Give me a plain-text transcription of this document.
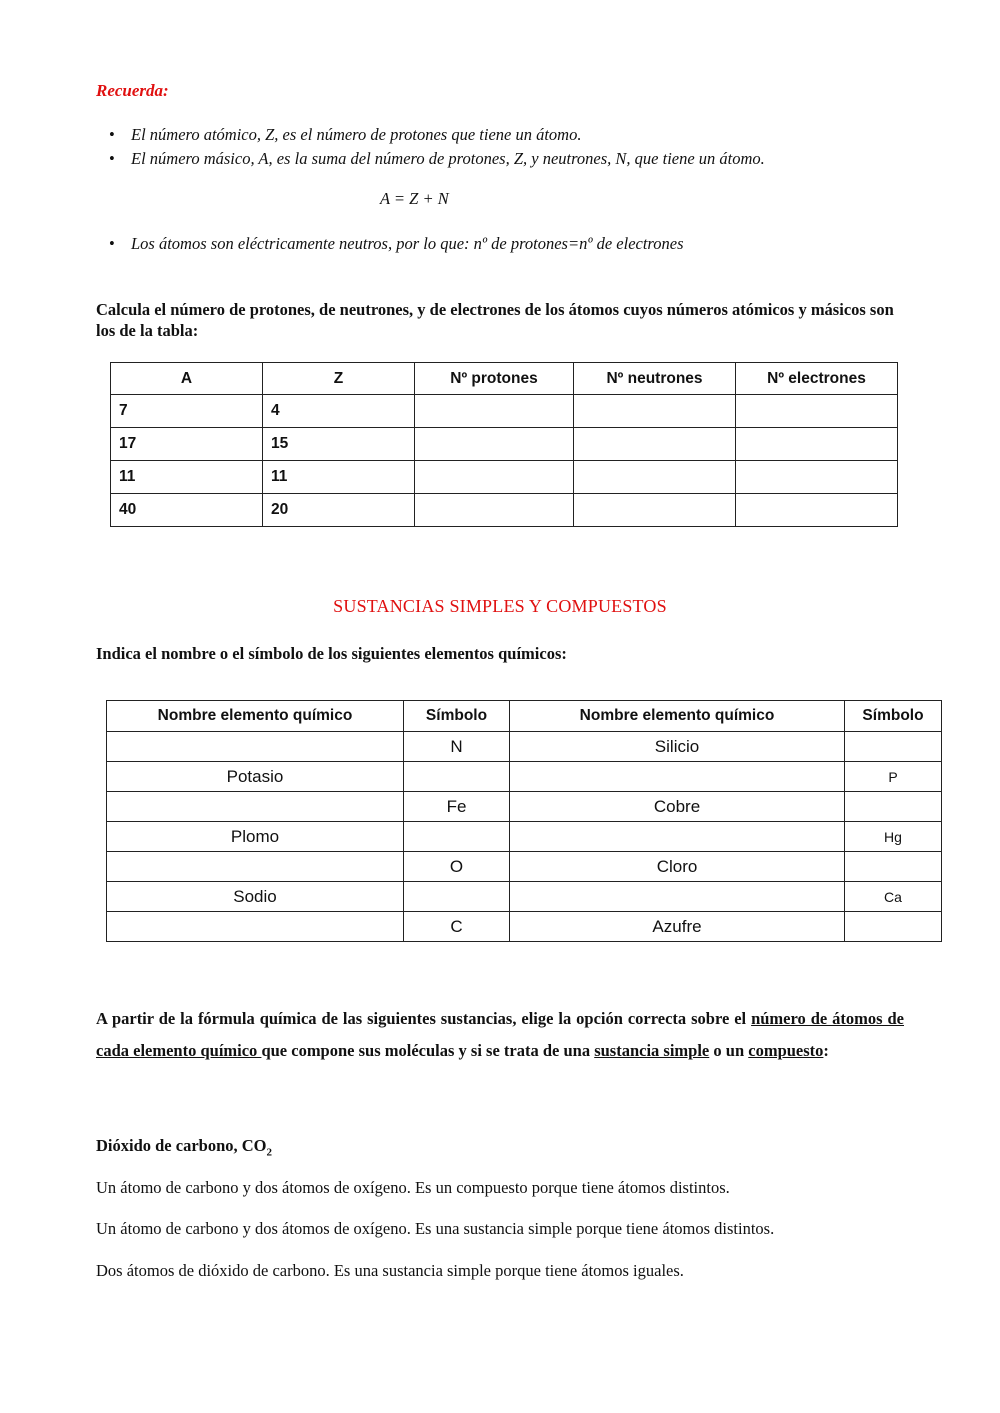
Recuerda:
• El número atómico, Z, es el número de protones que tiene un átomo.
• El número másico, A, es la suma del número de protones, Z, y neutrones, N, que tiene un átomo.
• Los átomos son eléctricamente neutros, por lo que: nº de protones=nº de electrones
A = Z + N
Calcula el número de protones, de neutrones, y de electrones de los átomos cuyos números atómicos y másicos son los de la tabla:
A	Z	Nº protones	Nº neutrones	Nº electrones
7	4			
17	15			
11	11			
40	20			
SUSTANCIAS SIMPLES Y COMPUESTOS
Indica el nombre o el símbolo de los siguientes elementos químicos:
Nombre elemento químico	Símbolo	Nombre elemento químico	Símbolo
	N	Silicio	
Potasio			P
	Fe	Cobre	
Plomo			Hg
	O	Cloro	
Sodio			Ca
	C	Azufre	
A partir de la fórmula química de las siguientes sustancias, elige la opción correcta sobre el número de átomos de cada elemento químico que compone sus moléculas y si se trata de una sustancia simple o un compuesto:
Dióxido de carbono, $CO_2$
Un átomo de carbono y dos átomos de oxígeno. Es un compuesto porque tiene átomos distintos.
Un átomo de carbono y dos átomos de oxígeno. Es una sustancia simple porque tiene átomos distintos.
Dos átomos de dióxido de carbono. Es una sustancia simple porque tiene átomos iguales.
